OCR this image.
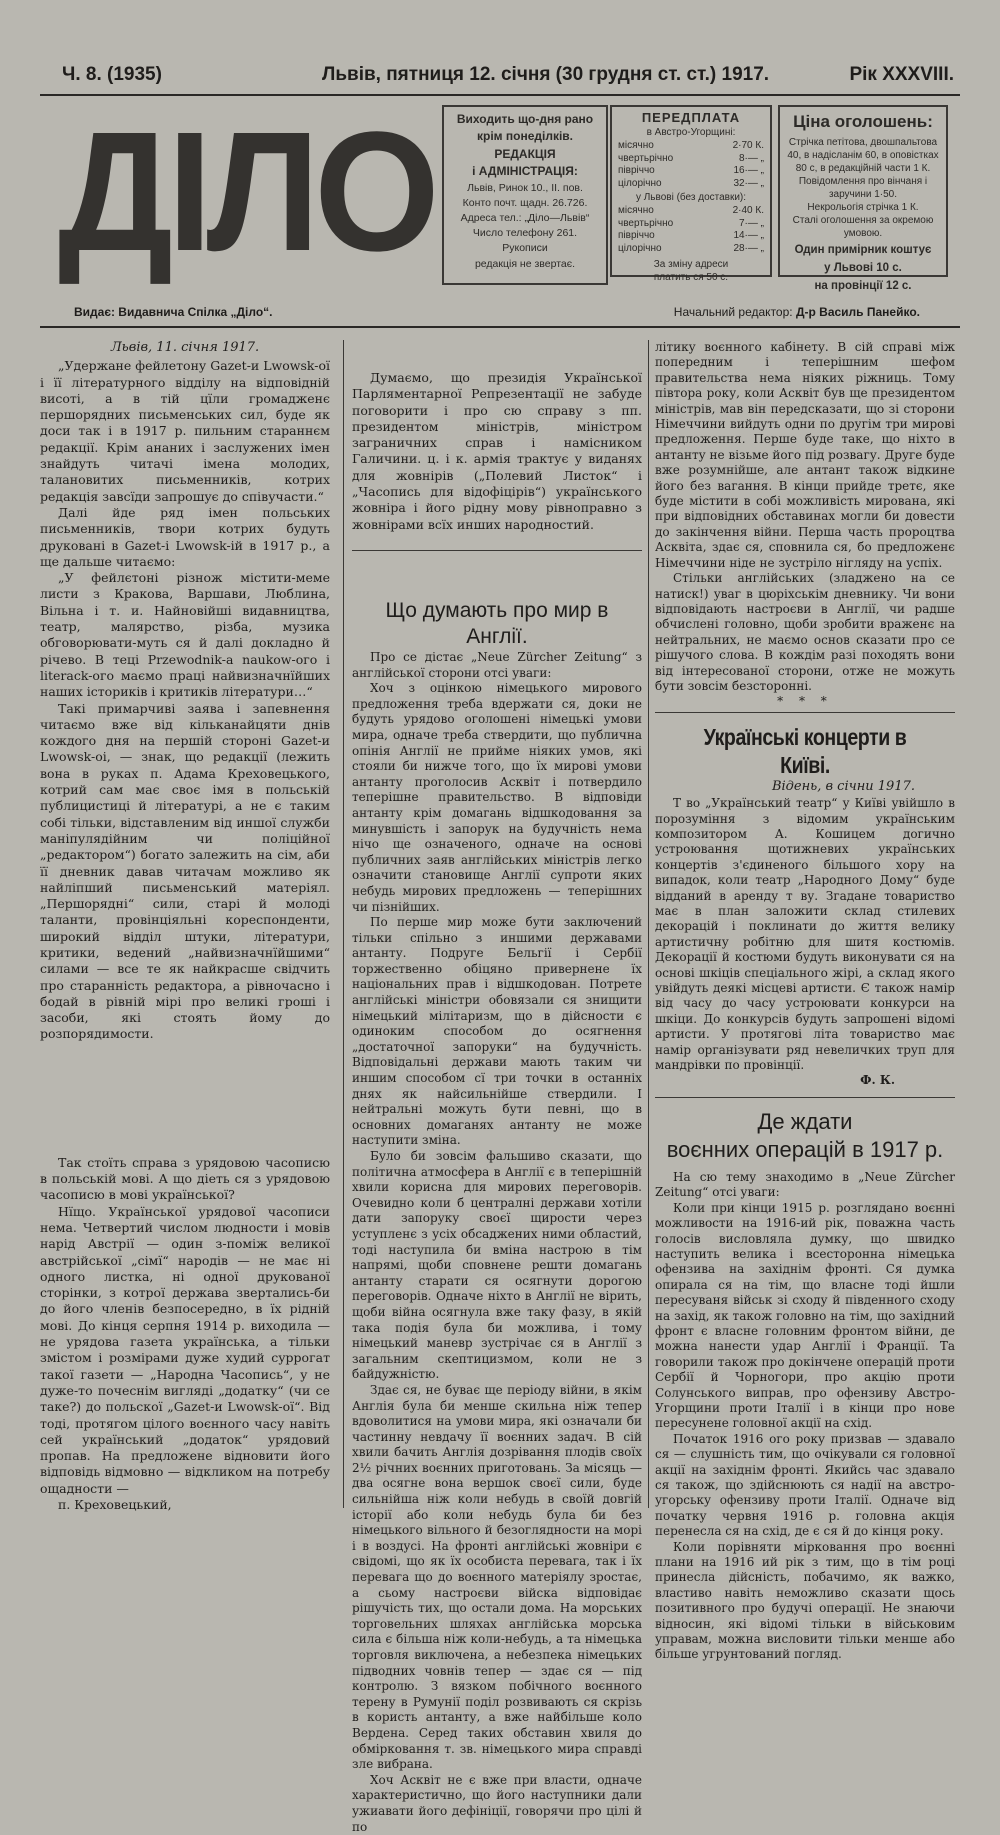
Ч. 8. (1935)	Львів, пятниця 12. січня (30 грудня ст. ст.) 1917.	Рік XXXVIII.
ДІЛО	Виходить що-дня рано
крім понеділків.
РЕДАКЦІЯ
і АДМІНІСТРАЦІЯ:
Львів, Ринок 10., II. пов.
Конто почт. щадн. 26.726.
Адреса тел.: „Діло—Львів“
Число телефону 261.
Рукописи
редакція не звертає.
ПЕРЕДПЛАТА
в Австро-Угорщині:
місячно	2·70 К.
чвертьрічно	8·— „
півріччо	16·— „
цілорічно	32·— „
у Львові (без доставки):
місячно	2·40 К.
чвертьрічно	7·— „
півріччо	14·— „
цілорічно	28·— „
За зміну адреси
платить ся 50 с.
Ціна оголошень:
Стрічка петітова, двошпальтова 40, в надісланім 60, в оповістках 80 с, в редакційній части 1 К. Повідомлення про вінчаня і заручини 1·50.
Некрольогія стрічка 1 К.
Сталі оголошення за окремою умовою.
Один примірник коштує
у Львові 10 с.
на провінції 12 с.
Видає: Видавнича Спілка „Діло“.	Начальний редактор: Д-р Василь Панейко.

Львів, 11. січня 1917.

„Удержане фейлетону Gazet-и Lwowsk-ої і її літературного відділу на відповідній висоті, а в тій цїли громадженє першорядних письменських сил, буде як доси так і в 1917 р. пильним стараннєм редакції. Крім ананих і заслужених імен знайдуть читачі імена молодих, талановитих письменників, котрих редакція завсїди запрошує до співучасти.“

Далі йде ряд імен польських письменників, твори котрих будуть друковані в Gazet-і Lwowsk-ій в 1917 р., а ще дальше читаємо:

„У фейлєтоні різнож містити-меме листи з Кракова, Варшави, Люблина, Вільна і т. и. Найновійші видавництва, театр, малярство, різба, музика обговорювати-муть ся й далі докладно й річево. В теці Przewodnik-a naukow-ого і literack-ого маємо праці найвизначнїйших наших істориків і критиків літератури…“

Такі примарчиві заява і запевнення читаємо вже від кільканайцяти днів кождого дня на першій стороні Gazet-и Lwowsk-oi, — знак, що редакції (лежить вона в руках п. Адама Креховецького, котрий сам має своє імя в польській публицистиці й літературі, а не є таким собі тільки, відставленим від иншої служби маніпулядійним чи поліційної „редактором“) богато залежить на сім, аби її дневник давав читачам можливо як найліпший письменський матеріял. „Першорядні“ сили, старі й молоді таланти, провінціяльні кореспонденти, широкий відділ штуки, літератури, критики, ведений „найвизначнїйшими“ силами — все те як найкрасше свідчить про старанність редактора, а рівночасно і бодай в рівній мірі про великі гроші і засоби, які стоять йому до розпорядимости.

Так стоїть справа з урядовою часописю в польській мові. А що діеть ся з урядовою часописю в мові української?

Нїщо. Української урядової часописи нема. Четвертий числом людности і мовів нарід Австрії — один з-поміж великої австрійської „сімї“ народів — не має ні одного листка, ні одної друкованої сторінки, з котрої держава звертались-би до його членів безпосередно, в їх рідній мові. До кінця серпня 1914 р. виходила — не урядова газета українська, а тільки змістом і розмірами дуже худий суррогат такої газети — „Народна Часопись“, у не дуже-то почеснім вигляді „додатку“ (чи се таке?) до польскої „Gazet-и Lwowsk-ої“. Від тоді, протягом цілого воєнного часу навіть сей український „додаток“ урядовий пропав. На предложене відновити його відповідь відмовно — відкликом на потребу ощадности —

п. Креховецький,

Думаємо, що президія Української Парляментарної Репрезентації не забуде поговорити і про сю справу з пп. президентом міністрів, міністром заграничних справ і намісником Галичини. ц. і к. армія трактує у виданях для жовнірів („Полевий Листок“ і „Часопись для відофіцірів“) українського жовніра і його рідну мову рівноправно з жовнірами всїх инших народностий.

Що думають про мир в Англії.

Про се дістає „Neue Zürcher Zeitung“ з англійської сторони отсі уваги:

Хоч з оцінкою німецького мирового предложення треба вдержати ся, доки не будуть урядово оголошені німецькі умови мира, одначе треба ствердити, що публична опінія Англії не прийме ніяких умов, які стояли би нижче того, що їх мирові умови антанту проголосив Асквіт і потвердило теперішне правительство. В відповіди антанту крім домагань відшкодовання за минувшість і запорук на будучність нема нічо ще означеного, одначе на основі публичних заяв англійських міністрів легко означити становище Англії супроти яких небудь мирових предложень — теперішних чи пізнійших.

По перше мир може бути заключений тільки спільно з иншими державами антанту. Подруге Бельгії і Сербії торжественно обіцяно привернене їх національних прав і відшкодован. Потрете англійські міністри обовязали ся знищити німецький мілітаризм, що в дійсности є одиноким способом до осягнення „достаточної запоруки“ на будучність. Відповідальні держави мають таким чи иншим способом сї три точки в останніх днях як найсильнійше ствердили. І нейтральні можуть бути певні, що в основних домаганях антанту не може наступити зміна.

Було би зовсім фальшиво сказати, що політична атмосфера в Англії є в теперішній хвили корисна для мирових переговорів. Очевидно коли б централні держави хотіли дати запоруку своєї щирости через уступленє з усіх обсаджених ними областий, тоді наступила би вміна настрою в тім напрямі, щоби сповнене решти домагань антанту старати ся осягнути дорогою переговорів. Одначе ніхто в Англії не вірить, щоби війна осягнула вже таку фазу, в якій така подія була би можлива, і тому німецький маневр зустрічає ся в Англії з загальним скептицизмом, коли не з байдужністю.

Здає ся, не буває ще періоду війни, в якім Англія була би менше скильна ніж тепер вдоволитися на умови мира, які означали би частинну невдачу її воєнних задач. В сій хвили бачить Англія дозрівання плодів своїх 2½ річних воєнних приготовань. За місяць — два осягне вона вершок своєї сили, буде сильнійша ніж коли небудь в своїй довгій історії або коли небудь була би без німецького вільного й безоглядности на морі і в воздусі. На фронті англійські жовніри є свідомі, що як їх особиста перевага, так і їх перевага що до воєнного матеріялу зростає, а сьому настроєви війска відповідає рішучість тих, що остали дома. На морських торговельних шляхах англійська морська сила є більша ніж коли-небудь, а та німецька торговля виключена, а небезпека німецьких підводних човнів тепер — здає ся — під контролю. З вязком побічного воєнного терену в Румунії поділ розвивають ся скрізь в користь антанту, а вже найбільше коло Вердена. Серед таких обставин хвиля до обмірковання т. зв. німецького мира справді зле вибрана.

Хоч Асквіт не є вже при власти, одначе характеристично, що його наступники дали ужиавати його дефініції, говорячи про цілі й по

літику воєнного кабінету. В сій справі між попередним і теперішним шефом правительства нема ніяких ріжниць. Тому півтора року, коли Асквіт був ще президентом міністрів, мав він передсказати, що зі сторони Німеччини вийдуть одни по другім три мирові предложення. Перше буде таке, що ніхто в антанту не візьме його під розвагу. Друге буде вже розумнійше, але антант також відкине його без вагання. В кінци прийде третє, яке буде містити в собі можливість мирована, які при відповідних обставинах могли би довести до закінчення війни. Перша часть пророцтва Асквіта, здає ся, сповнила ся, бо предложенє Німеччини ніде не зустріло нігляду на успіх.

Стільки англійських (зладжено на се натиск!) уваг в цюріхськім дневнику. Чи вони відповідають настроєви в Англії, чи радше обчислені головно, щоби зробити враженє на нейтральних, не маємо основ сказати про се рішучого слова. В кождім разі походять вони від інтересованої сторони, отже не можуть бути зовсім безсторонні.

* * *

Українські концерти в Київі.

Відень, в січни 1917.

Т во „Український театр“ у Київі увійшло в порозуміння з відомим українським композитором А. Кошицем догично устроювання щотижневих українських концертів з'єдиненого більшого хору на випадок, коли театр „Народного Дому“ буде відданий в аренду т ву. Згадане товариство має в план заложити склад стилевих декорацій і поклинати до життя велику артистичну робітню для шитя костюмів. Декорації й костюми будуть виконувати ся на основі шкіців спеціального жірі, а склад якого увійдуть деякі місцеві артисти. Є також намір від часу до часу устроювати конкурси на шкіци. До конкурсів будуть запрошені відомі артисти. У протягові літа товариство має намір організувати ряд невеличких труп для мандрівки по провінції.

Ф. К.

Де ждати

воєнних операцій в 1917 р.

На сю тему знаходимо в „Neue Zürcher Zeitung“ отсі уваги:

Коли при кінци 1915 р. розглядано воєнні можливости на 1916-ий рік, поважна часть голосів висловляла думку, що швидко наступить велика і всесторонна німецька офензива на західнім фронті. Ся думка опирала ся на тім, що власне тоді йшли пересуваня військ зі сходу й південного сходу на захід, як також головно на тім, що західний фронт є власне головним фронтом війни, де можна нанести удар Англії і Франції. Та говорили також про докінчене операцій проти Сербії й Чорногори, про акцію проти Солунського виправ, про офензиву Австро-Угорщини проти Італії і в кінци про нове пересунене головної акції на схід.

Початок 1916 ого року призвав — здавало ся — слушність тим, що очікували ся головної акції на західнім фронті. Якийсь час здавало ся також, що здійснюють ся надії на австро-угорську офензиву проти Італії. Одначе від початку червня 1916 р. головна акція перенесла ся на схід, де є ся й до кінця року.

Коли порівняти мірковання про воєнні плани на 1916 ий рік з тим, що в тім році принесла дійсність, побачимо, як важко, властиво навіть неможливо сказати щось позитивного про будучі операції. Не знаючи відносин, які відомі тільки в військовим управам, можна висловити тільки менше або більше угрунтований погляд.
